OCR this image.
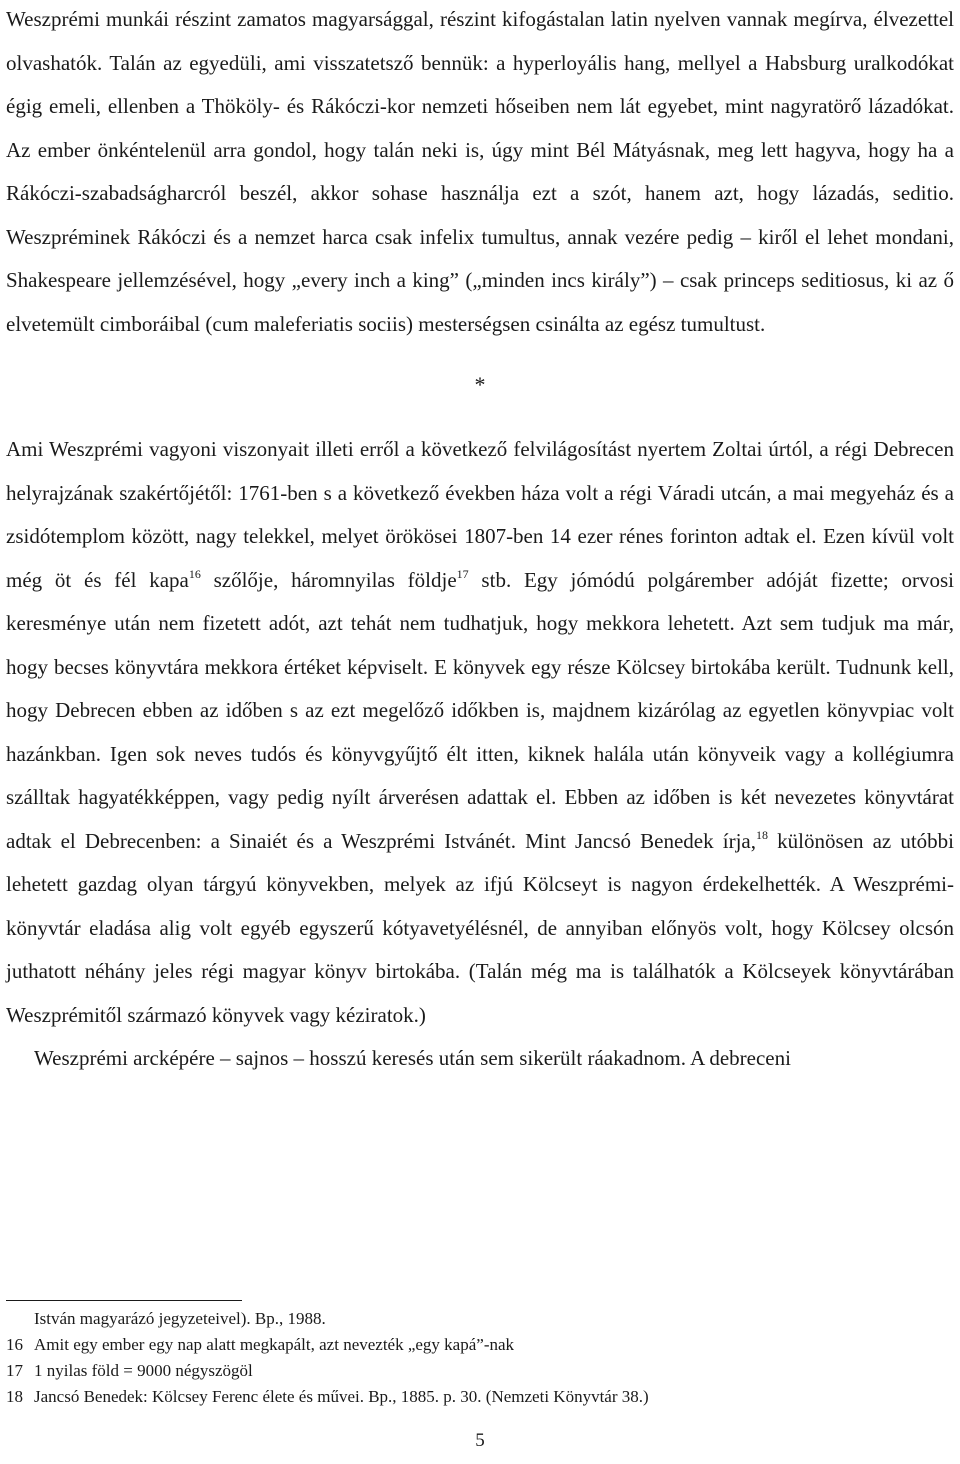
Weszprémi munkái részint zamatos magyarsággal, részint kifogástalan latin nyelven vannak megírva, élvezettel olvashatók. Talán az egyedüli, ami visszatetsző bennük: a hyperloyális hang, mellyel a Habsburg uralkodókat égig emeli, ellenben a Thököly- és Rákóczi-kor nemzeti hőseiben nem lát egyebet, mint nagyratörő lázadókat. Az ember önkéntelenül arra gondol, hogy talán neki is, úgy mint Bél Mátyásnak, meg lett hagyva, hogy ha a Rákóczi-szabadságharcról beszél, akkor sohase használja ezt a szót, hanem azt, hogy lázadás, seditio. Weszpréminek Rákóczi és a nemzet harca csak infelix tumultus, annak vezére pedig – kiről el lehet mondani, Shakespeare jellemzésével, hogy „every inch a king” („minden incs király”) – csak princeps seditiosus, ki az ő elvetemült cimboráibal (cum maleferiatis sociis) mesterségsen csinálta az egész tumultust.

*

Ami Weszprémi vagyoni viszonyait illeti erről a következő felvilágosítást nyertem Zoltai úrtól, a régi Debrecen helyrajzának szakértőjétől: 1761-ben s a következő években háza volt a régi Váradi utcán, a mai megyeház és a zsidótemplom között, nagy telekkel, melyet örökösei 1807-ben 14 ezer rénes forinton adtak el. Ezen kívül volt még öt és fél kapa$^{16}$ szőlője, háromnyilas földje$^{17}$ stb. Egy jómódú polgárember adóját fizette; orvosi keresménye után nem fizetett adót, azt tehát nem tudhatjuk, hogy mekkora lehetett. Azt sem tudjuk ma már, hogy becses könyvtára mekkora értéket képviselt. E könyvek egy része Kölcsey birtokába került. Tudnunk kell, hogy Debrecen ebben az időben s az ezt megelőző időkben is, majdnem kizárólag az egyetlen könyvpiac volt hazánkban. Igen sok neves tudós és könyvgyűjtő élt itten, kiknek halála után könyveik vagy a kollégiumra szálltak hagyatékképpen, vagy pedig nyílt árverésen adattak el. Ebben az időben is két nevezetes könyvtárat adtak el Debrecenben: a Sinaiét és a Weszprémi Istvánét. Mint Jancsó Benedek írja,$^{18}$ különösen az utóbbi lehetett gazdag olyan tárgyú könyvekben, melyek az ifjú Kölcseyt is nagyon érdekelhették. A Weszprémi-könyvtár eladása alig volt egyéb egyszerű kótyavetyélésnél, de annyiban előnyös volt, hogy Kölcsey olcsón juthatott néhány jeles régi magyar könyv birtokába. (Talán még ma is találhatók a Kölcseyek könyvtárában Weszprémitől származó könyvek vagy kéziratok.)

Weszprémi arcképére – sajnos – hosszú keresés után sem sikerült ráakadnom. A debreceni

István magyarázó jegyzeteivel). Bp., 1988.
16 Amit egy ember egy nap alatt megkapált, azt nevezték „egy kapá”-nak
17 1 nyilas föld = 9000 négyszögöl
18 Jancsó Benedek: Kölcsey Ferenc élete és művei. Bp., 1885. p. 30. (Nemzeti Könyvtár 38.)
5
